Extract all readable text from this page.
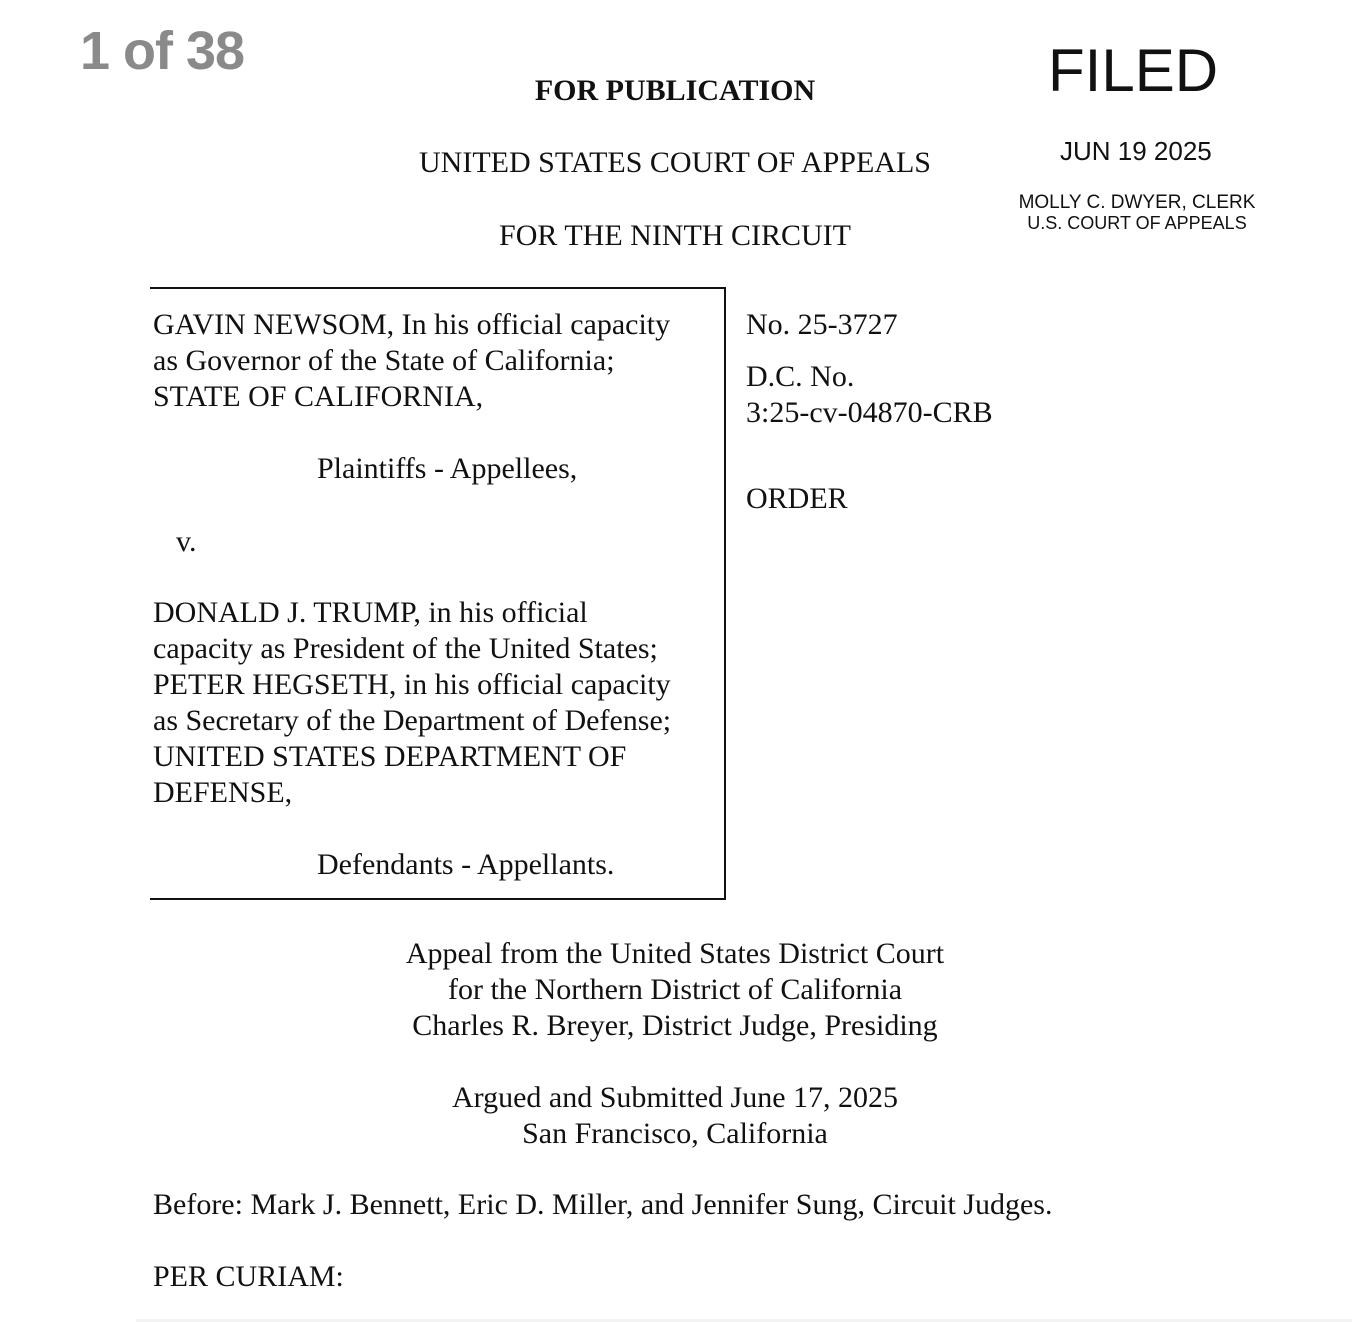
1 of 38
FOR PUBLICATION
UNITED STATES COURT OF APPEALS
FOR THE NINTH CIRCUIT
FILED
JUN 19 2025
MOLLY C. DWYER, CLERK
U.S. COURT OF APPEALS
GAVIN NEWSOM, In his official capacity
as Governor of the State of California;
STATE OF CALIFORNIA,
Plaintiffs - Appellees,
v.
DONALD J. TRUMP, in his official
capacity as President of the United States;
PETER HEGSETH, in his official capacity
as Secretary of the Department of Defense;
UNITED STATES DEPARTMENT OF
DEFENSE,
Defendants - Appellants.
No. 25-3727
D.C. No.
3:25-cv-04870-CRB
ORDER
Appeal from the United States District Court
for the Northern District of California
Charles R. Breyer, District Judge, Presiding
Argued and Submitted June 17, 2025
San Francisco, California
Before: Mark J. Bennett, Eric D. Miller, and Jennifer Sung, Circuit Judges.
PER CURIAM:
